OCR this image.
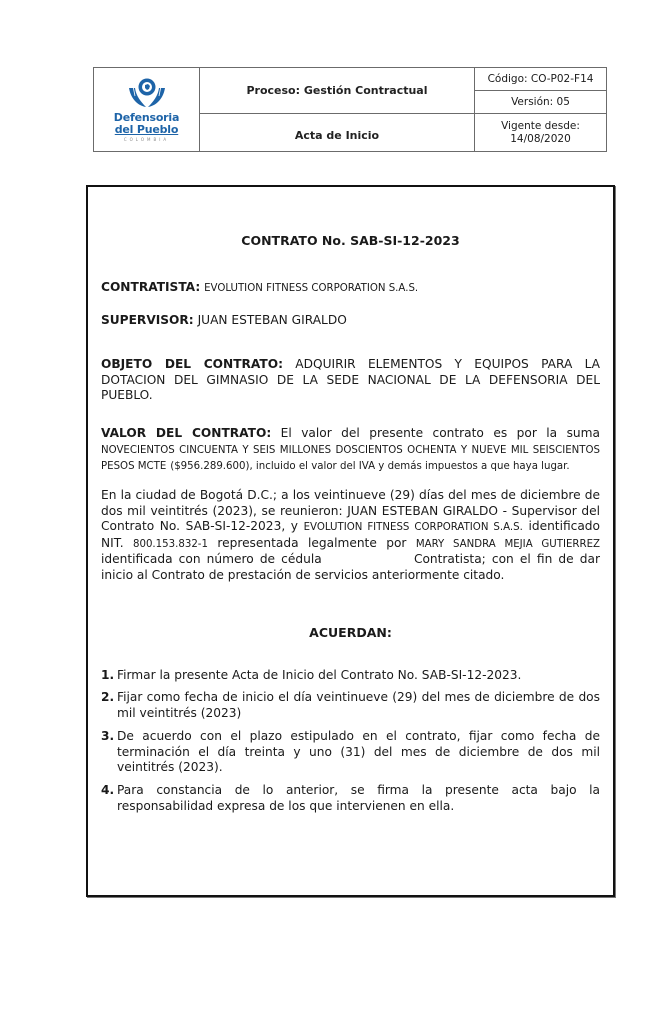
Defensoria
del Pueblo
COLOMBIA
Proceso: Gestión Contractual
Código: CO-P02-F14
Versión: 05
Acta de Inicio
Vigente desde:
14/08/2020
CONTRATO No. SAB-SI-12-2023
CONTRATISTA: EVOLUTION FITNESS CORPORATION S.A.S.
SUPERVISOR: JUAN ESTEBAN GIRALDO
OBJETO DEL CONTRATO: ADQUIRIR ELEMENTOS Y EQUIPOS PARA LA DOTACION DEL GIMNASIO DE LA SEDE NACIONAL DE LA DEFENSORIA DEL PUEBLO.
VALOR DEL CONTRATO: El valor del presente contrato es por la suma NOVECIENTOS CINCUENTA Y SEIS MILLONES DOSCIENTOS OCHENTA Y NUEVE MIL SEISCIENTOS PESOS MCTE ($956.289.600), incluido el valor del IVA y demás impuestos a que haya lugar.
En la ciudad de Bogotá D.C.; a los veintinueve (29) días del mes de diciembre de dos mil veintitrés (2023), se reunieron: JUAN ESTEBAN GIRALDO - Supervisor del Contrato No. SAB-SI-12-2023, y EVOLUTION FITNESS CORPORATION S.A.S. identificado NIT. 800.153.832-1 representada legalmente por MARY SANDRA MEJIA GUTIERREZ identificada con número de cédula	Contratista; con el fin de dar inicio al Contrato de prestación de servicios anteriormente citado.
ACUERDAN:
1. Firmar la presente Acta de Inicio del Contrato No. SAB-SI-12-2023.
2. Fijar como fecha de inicio el día veintinueve (29) del mes de diciembre de dos mil veintitrés (2023)
3. De acuerdo con el plazo estipulado en el contrato, fijar como fecha de terminación el día treinta y uno (31) del mes de diciembre de dos mil veintitrés (2023).
4. Para constancia de lo anterior, se firma la presente acta bajo la responsabilidad expresa de los que intervienen en ella.
